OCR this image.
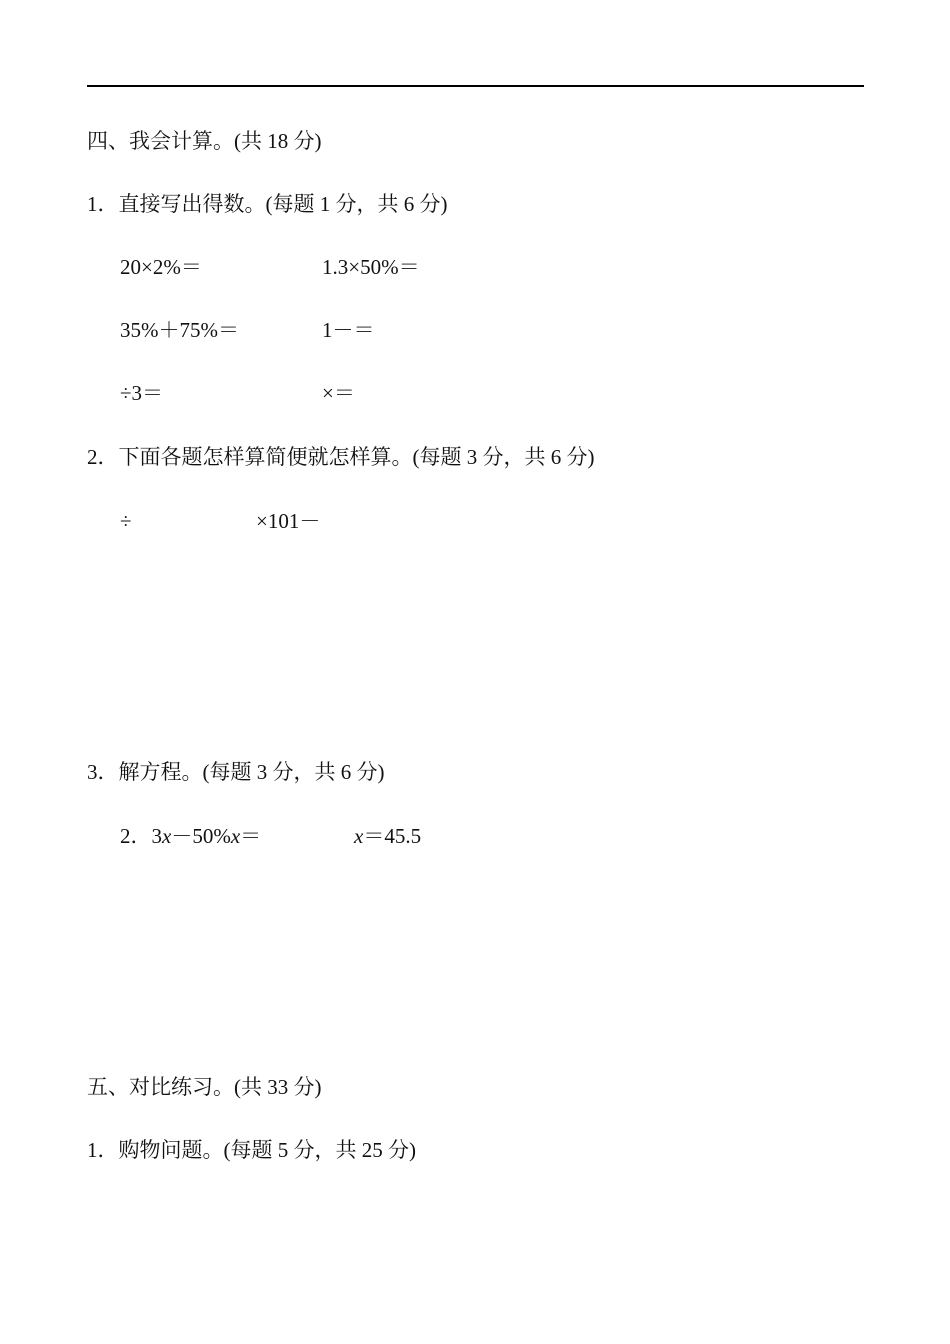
四、我会计算。(共 18 分)
1．直接写出得数。(每题 1 分，共 6 分)
20×2%＝	1.3×50%＝
35%＋75%＝	1－＝
÷3＝	×＝
2．下面各题怎样算简便就怎样算。(每题 3 分，共 6 分)
÷	×101－
3．解方程。(每题 3 分，共 6 分)
2．3x－50%x＝	x＝45.5
五、对比练习。(共 33 分)
1．购物问题。(每题 5 分，共 25 分)
